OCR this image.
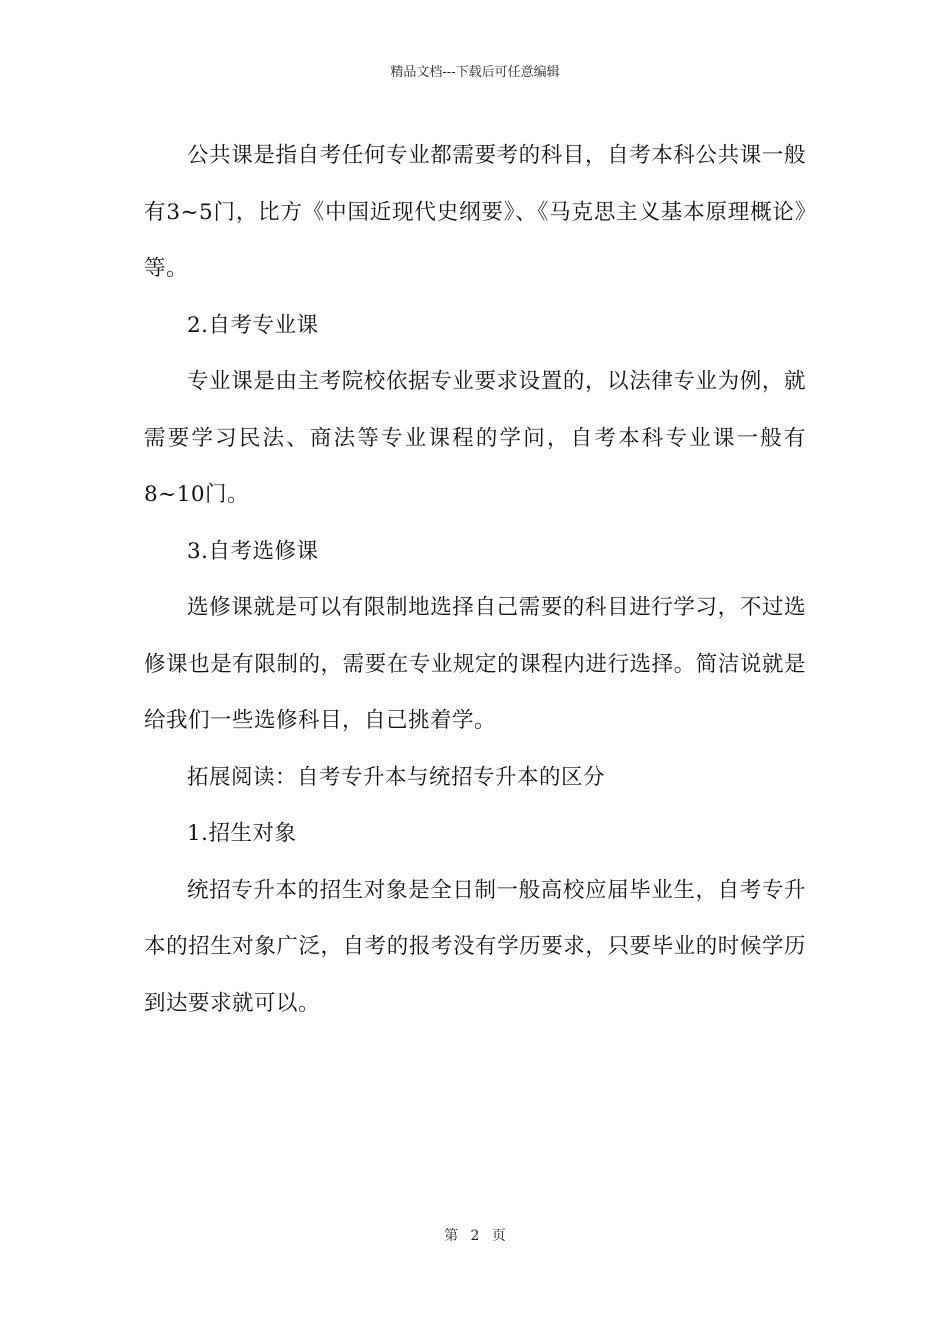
精品文档---下载后可任意编辑

公共课是指自考任何专业都需要考的科目，自考本科公共课一般有3~5门，比方《中国近现代史纲要》、《马克思主义基本原理概论》等。

2.自考专业课

专业课是由主考院校依据专业要求设置的，以法律专业为例，就需要学习民法、商法等专业课程的学问，自考本科专业课一般有8~10门。

3.自考选修课

选修课就是可以有限制地选择自己需要的科目进行学习，不过选修课也是有限制的，需要在专业规定的课程内进行选择。简洁说就是给我们一些选修科目，自己挑着学。

拓展阅读：自考专升本与统招专升本的区分

1.招生对象

统招专升本的招生对象是全日制一般高校应届毕业生，自考专升本的招生对象广泛，自考的报考没有学历要求，只要毕业的时候学历到达要求就可以。

第 2 页
